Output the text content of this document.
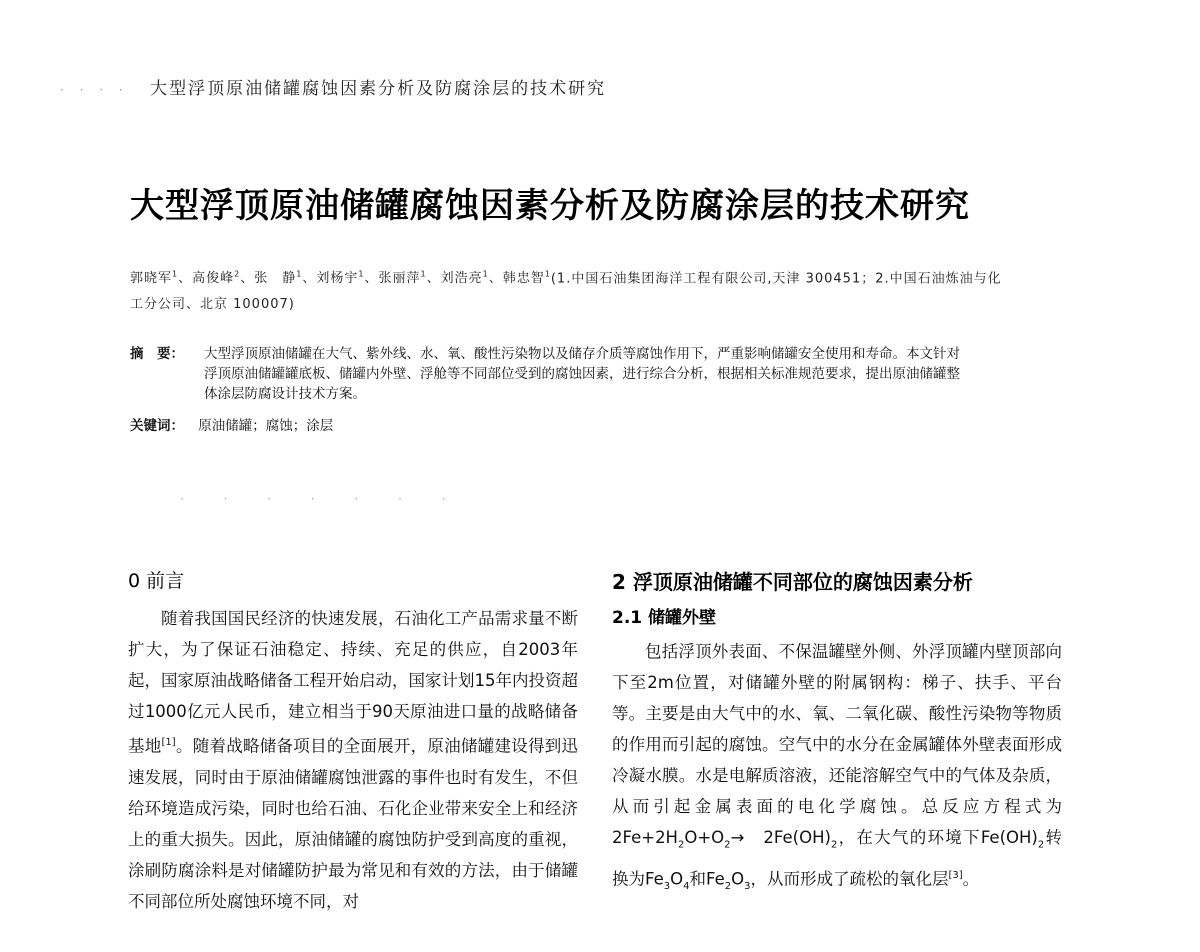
· · · · 大型浮顶原油储罐腐蚀因素分析及防腐涂层的技术研究
大型浮顶原油储罐腐蚀因素分析及防腐涂层的技术研究
郭晓军$^1$、高俊峰$^2$、张　静$^1$、刘杨宇$^1$、张丽萍$^1$、刘浩亮$^1$、韩忠智$^1$(1.中国石油集团海洋工程有限公司,天津 300451；2.中国石油炼油与化工分公司、北京 100007)
摘　要：	大型浮顶原油储罐在大气、紫外线、水、氧、酸性污染物以及储存介质等腐蚀作用下，严重影响储罐安全使用和寿命。本文针对浮顶原油储罐罐底板、储罐内外壁、浮舱等不同部位受到的腐蚀因素，进行综合分析，根据相关标准规范要求，提出原油储罐整体涂层防腐设计技术方案。
关键词： 原油储罐；腐蚀；涂层
· · · · · · ·
0 前言

随着我国国民经济的快速发展，石油化工产品需求量不断扩大，为了保证石油稳定、持续、充足的供应，自2003年起，国家原油战略储备工程开始启动，国家计划15年内投资超过1000亿元人民币，建立相当于90天原油进口量的战略储备基地[1]。随着战略储备项目的全面展开，原油储罐建设得到迅速发展，同时由于原油储罐腐蚀泄露的事件也时有发生，不但给环境造成污染，同时也给石油、石化企业带来安全上和经济上的重大损失。因此，原油储罐的腐蚀防护受到高度的重视，涂刷防腐涂料是对储罐防护最为常见和有效的方法，由于储罐不同部位所处腐蚀环境不同，对

2 浮顶原油储罐不同部位的腐蚀因素分析
2.1 储罐外壁

包括浮顶外表面、不保温罐壁外侧、外浮顶罐内壁顶部向下至2m位置，对储罐外壁的附属钢构：梯子、扶手、平台等。主要是由大气中的水、氧、二氧化碳、酸性污染物等物质的作用而引起的腐蚀。空气中的水分在金属罐体外壁表面形成冷凝水膜。水是电解质溶液，还能溶解空气中的气体及杂质，从而引起金属表面的电化学腐蚀。总反应方程式为$2Fe+2H_2O+O_2\to$　$2Fe(OH)_2$，在大气的环境下$Fe(OH)_2$转换为$Fe_3O_4$和$Fe_2O_3$，从而形成了疏松的氧化层[3]。
